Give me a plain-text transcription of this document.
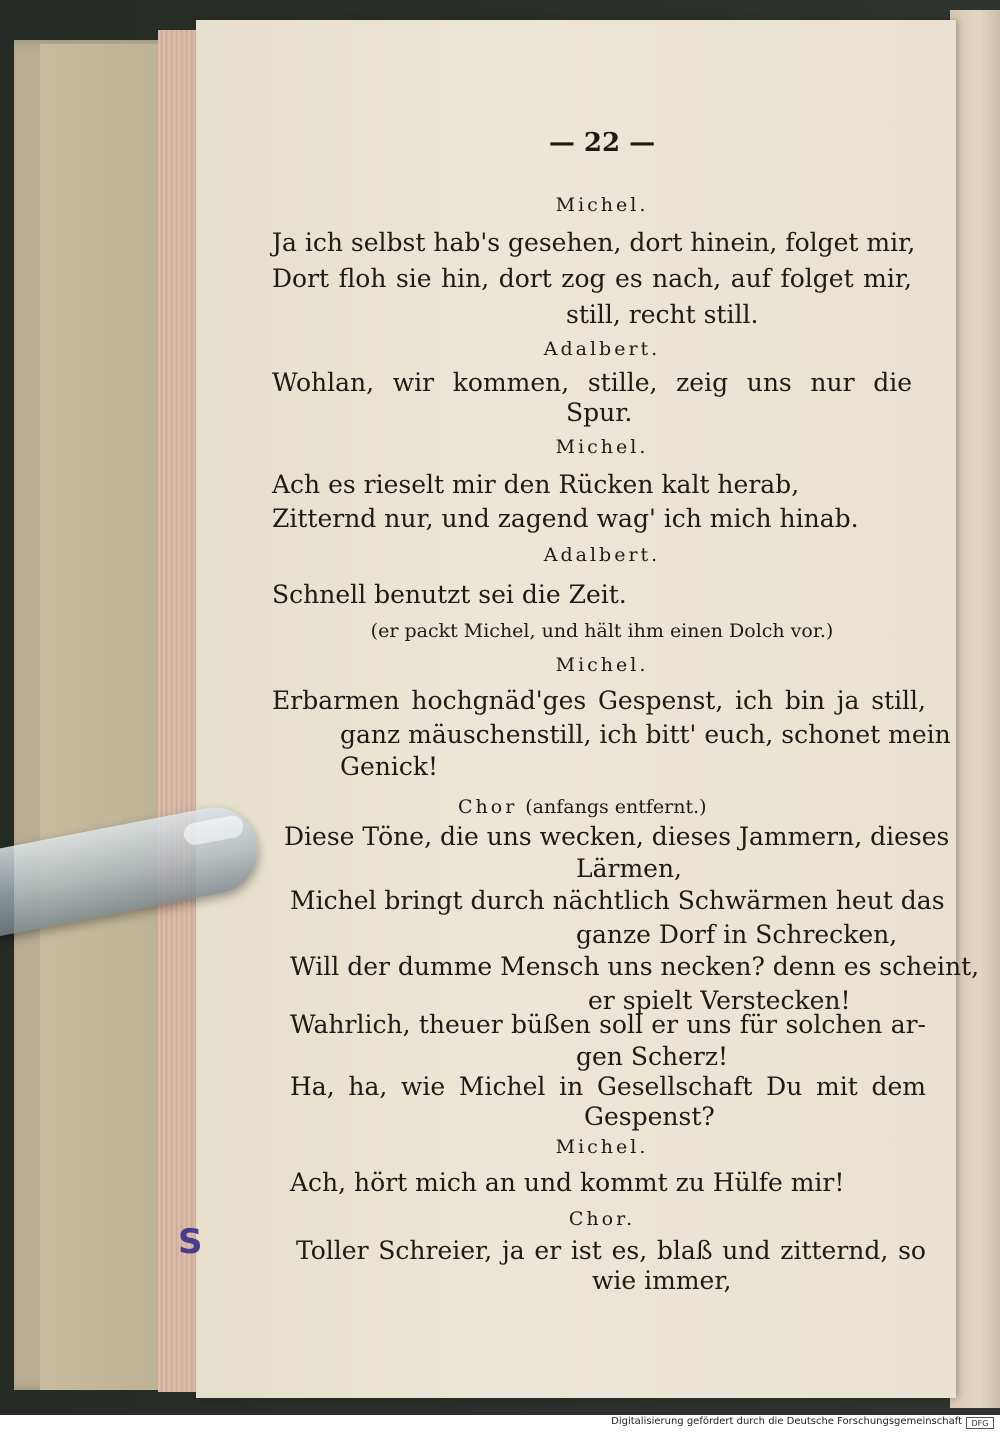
S
— 22 —
Michel.
Ja ich selbst hab's gesehen, dort hinein, folget mir,
Dort floh sie hin, dort zog es nach, auf folget mir,
still, recht still.
Adalbert.
Wohlan, wir kommen, stille, zeig uns nur die
Spur.
Michel.
Ach es rieselt mir den Rücken kalt herab,
Zitternd nur, und zagend wag' ich mich hinab.
Adalbert.
Schnell benutzt sei die Zeit.
(er packt Michel, und hält ihm einen Dolch vor.)
Michel.
Erbarmen hochgnäd'ges Gespenst, ich bin ja still,
ganz mäuschenstill, ich bitt' euch, schonet mein
Genick!
Chor (anfangs entfernt.)
Diese Töne, die uns wecken, dieses Jammern, dieses
Lärmen,
Michel bringt durch nächtlich Schwärmen heut das
ganze Dorf in Schrecken,
Will der dumme Mensch uns necken? denn es scheint,
er spielt Versteckеn!
Wahrlich, theuer büßen soll er uns für solchen ar-
gen Scherz!
Ha, ha, wie Michel in Gesellschaft Du mit dem
Gespenst?
Michel.
Ach, hört mich an und kommt zu Hülfe mir!
Chor.
Toller Schreier, ja er ist es, blaß und zitternd, so
wie immer,
Digitalisierung gefördert durch die Deutsche Forschungsgemeinschaft	DFG
